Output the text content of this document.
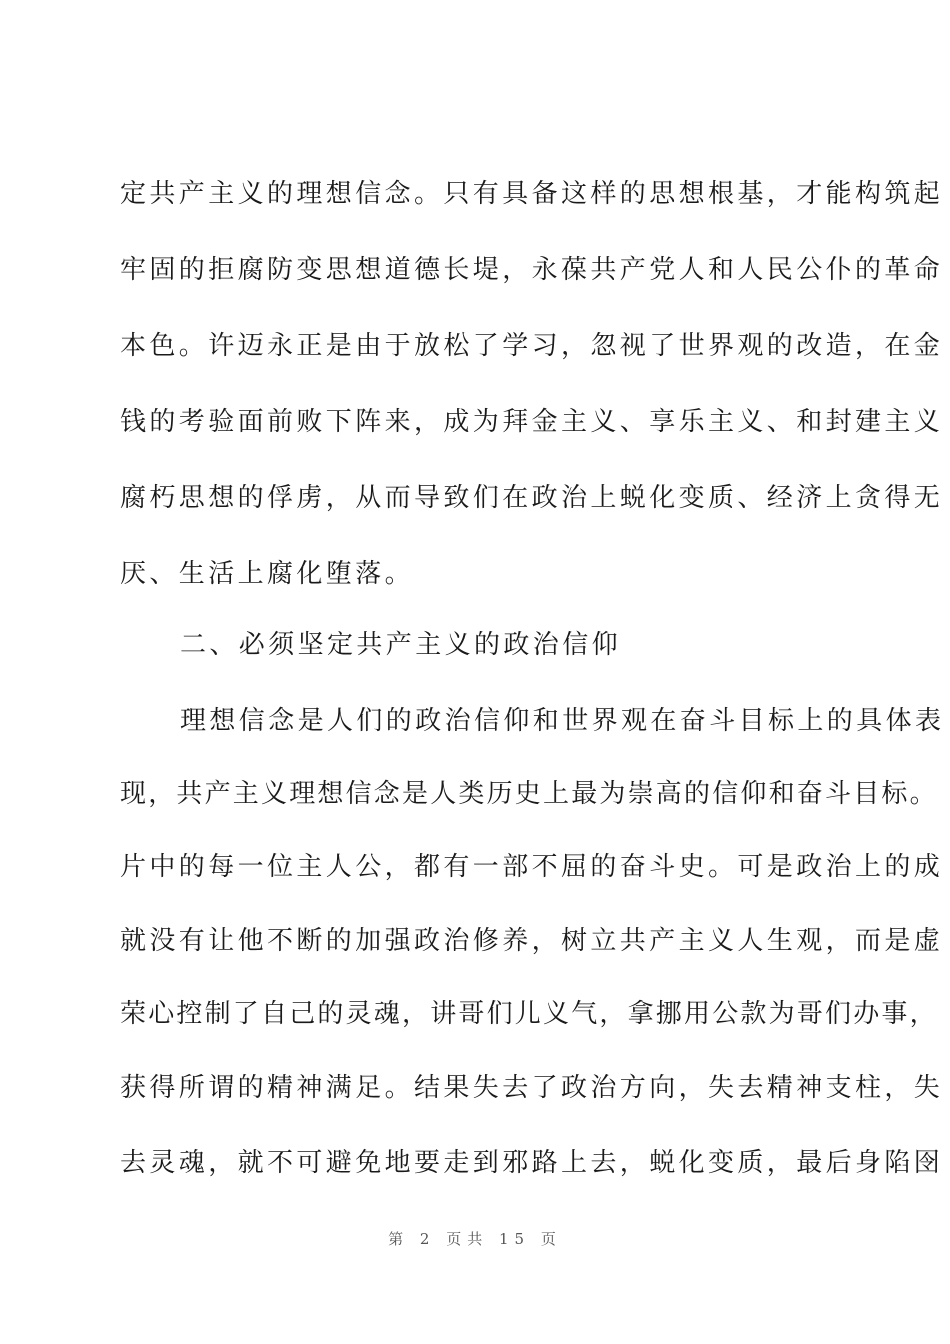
定共产主义的理想信念。只有具备这样的思想根基，才能构筑起
牢固的拒腐防变思想道德长堤，永葆共产党人和人民公仆的革命
本色。许迈永正是由于放松了学习，忽视了世界观的改造，在金
钱的考验面前败下阵来，成为拜金主义、享乐主义、和封建主义
腐朽思想的俘虏，从而导致们在政治上蜕化变质、经济上贪得无
厌、生活上腐化堕落。
二、必须坚定共产主义的政治信仰
理想信念是人们的政治信仰和世界观在奋斗目标上的具体表
现，共产主义理想信念是人类历史上最为崇高的信仰和奋斗目标。
片中的每一位主人公，都有一部不屈的奋斗史。可是政治上的成
就没有让他不断的加强政治修养，树立共产主义人生观，而是虚
荣心控制了自己的灵魂，讲哥们儿义气，拿挪用公款为哥们办事，
获得所谓的精神满足。结果失去了政治方向，失去精神支柱，失
去灵魂，就不可避免地要走到邪路上去，蜕化变质，最后身陷囹
第 2 页共 15 页
